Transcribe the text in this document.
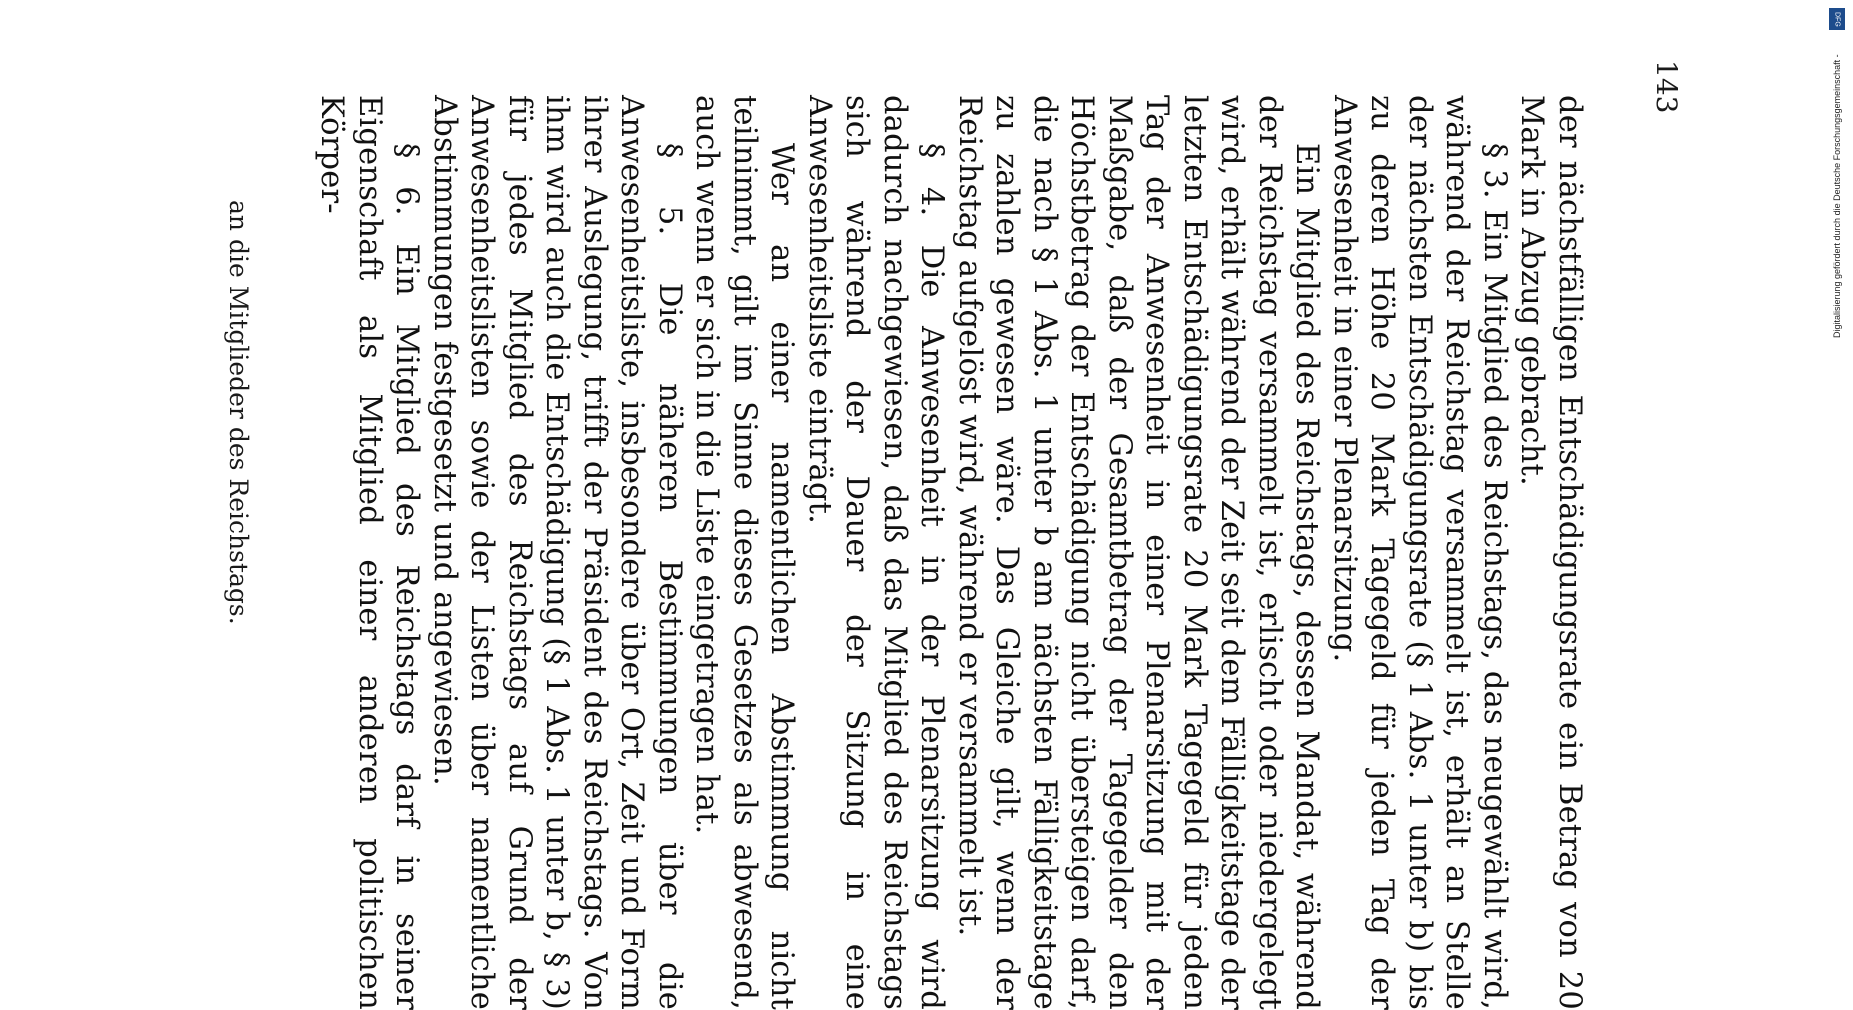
143
an die Mitglieder des Reichstags.	der nächstfälligen Entschädigungsrate ein Betrag von 20 Mark in Abzug gebracht.

§ 3. Ein Mitglied des Reichstags, das neugewählt wird, während der Reichstag versammelt ist, erhält an Stelle der nächsten Entschädigungsrate (§ 1 Abs. 1 unter b) bis zu deren Höhe 20 Mark Tagegeld für jeden Tag der Anwesenheit in einer Plenarsitzung.

Ein Mitglied des Reichstags, dessen Mandat, während der Reichstag versammelt ist, erlischt oder niedergelegt wird, erhält während der Zeit seit dem Fälligkeitstage der letzten Entschädigungsrate 20 Mark Tagegeld für jeden Tag der Anwesenheit in einer Plenarsitzung mit der Maßgabe, daß der Gesamtbetrag der Tagegelder den Höchstbetrag der Entschädigung nicht übersteigen darf, die nach § 1 Abs. 1 unter b am nächsten Fälligkeitstage zu zahlen gewesen wäre. Das Gleiche gilt, wenn der Reichstag aufgelöst wird, während er versammelt ist.

§ 4. Die Anwesenheit in der Plenarsitzung wird dadurch nachgewiesen, daß das Mitglied des Reichstags sich während der Dauer der Sitzung in eine Anwesenheitsliste einträgt.

Wer an einer namentlichen Abstimmung nicht teilnimmt, gilt im Sinne dieses Gesetzes als abwesend, auch wenn er sich in die Liste eingetragen hat.

§ 5. Die näheren Bestimmungen über die Anwesenheitsliste, insbesondere über Ort, Zeit und Form ihrer Auslegung, trifft der Präsident des Reichstags. Von ihm wird auch die Entschädigung (§ 1 Abs. 1 unter b, § 3) für jedes Mitglied des Reichstags auf Grund der Anwesenheitslisten sowie der Listen über namentliche Abstimmungen festgesetzt und angewiesen.

§ 6. Ein Mitglied des Reichstags darf in seiner Eigenschaft als Mitglied einer anderen politischen Körper-

DFG
Digitalisierung gefördert durch die Deutsche Forschungsgemeinschaft -
